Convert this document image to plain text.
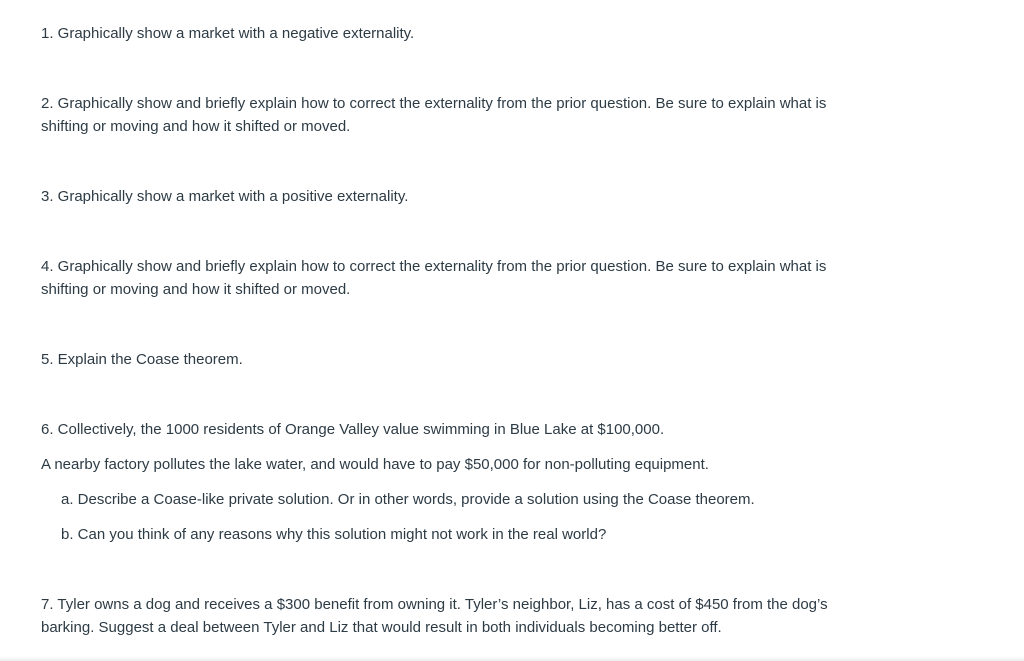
1. Graphically show a market with a negative externality.

2. Graphically show and briefly explain how to correct the externality from the prior question. Be sure to explain what is shifting or moving and how it shifted or moved.

3. Graphically show a market with a positive externality.

4. Graphically show and briefly explain how to correct the externality from the prior question. Be sure to explain what is shifting or moving and how it shifted or moved.

5. Explain the Coase theorem.

6. Collectively, the 1000 residents of Orange Valley value swimming in Blue Lake at $100,000.

A nearby factory pollutes the lake water, and would have to pay $50,000 for non-polluting equipment.

a. Describe a Coase-like private solution. Or in other words, provide a solution using the Coase theorem.

b. Can you think of any reasons why this solution might not work in the real world?

7. Tyler owns a dog and receives a $300 benefit from owning it. Tyler’s neighbor, Liz, has a cost of $450 from the dog’s barking. Suggest a deal between Tyler and Liz that would result in both individuals becoming better off.
